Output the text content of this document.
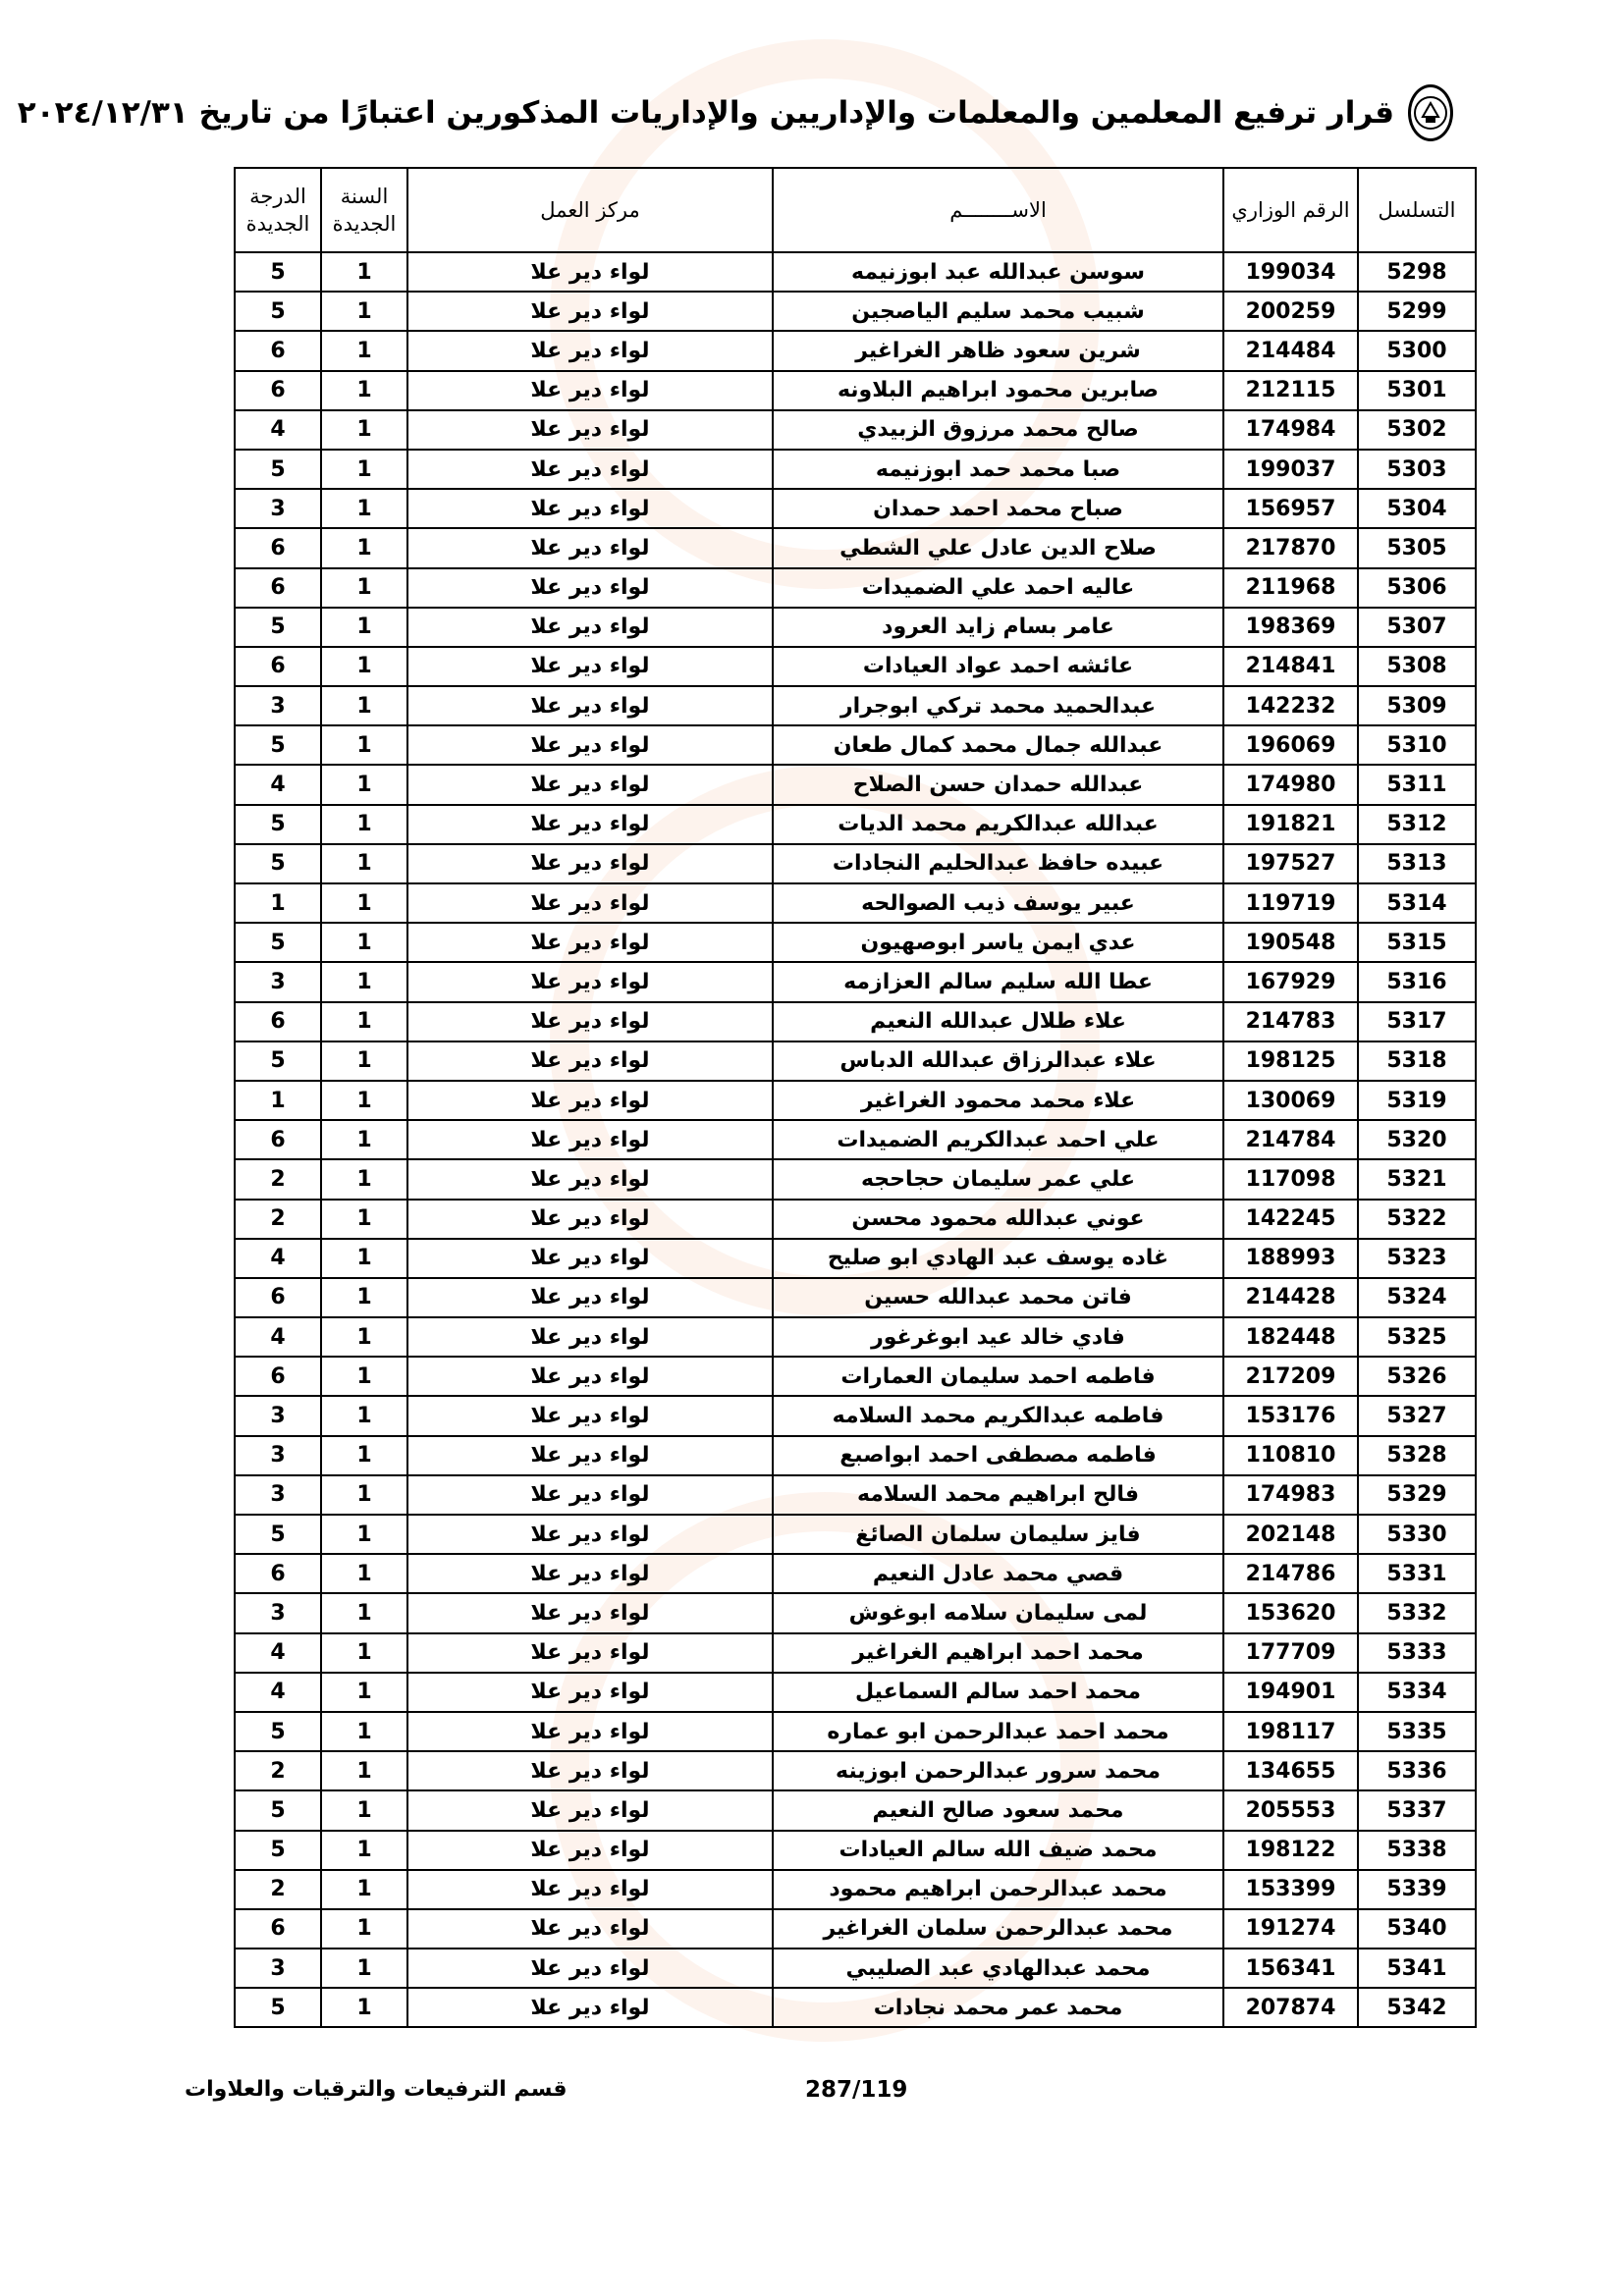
قرار ترفيع المعلمين والمعلمات والإداريين والإداريات المذكورين اعتبارًا من تاريخ ٢٠٢٤/١٢/٣١
التسلسل	الرقم الوزاري	الاســــــــم	مركز العمل	السنة الجديدة	الدرجة الجديدة
5298	199034	سوسن عبدالله عبد ابوزنيمه	لواء دير علا	1	5
5299	200259	شبيب محمد سليم الياصجين	لواء دير علا	1	5
5300	214484	شرين سعود ظاهر الغراغير	لواء دير علا	1	6
5301	212115	صابرين محمود ابراهيم البلاونه	لواء دير علا	1	6
5302	174984	صالح محمد مرزوق الزبيدي	لواء دير علا	1	4
5303	199037	صبا محمد حمد ابوزنيمه	لواء دير علا	1	5
5304	156957	صباح محمد احمد حمدان	لواء دير علا	1	3
5305	217870	صلاح الدين عادل علي الشطي	لواء دير علا	1	6
5306	211968	عاليه احمد علي الضميدات	لواء دير علا	1	6
5307	198369	عامر بسام زايد العرود	لواء دير علا	1	5
5308	214841	عائشه احمد عواد العيادات	لواء دير علا	1	6
5309	142232	عبدالحميد محمد تركي ابوجرار	لواء دير علا	1	3
5310	196069	عبدالله جمال محمد كمال طعان	لواء دير علا	1	5
5311	174980	عبدالله حمدان حسن الصلاح	لواء دير علا	1	4
5312	191821	عبدالله عبدالكريم محمد الديات	لواء دير علا	1	5
5313	197527	عبيده حافظ عبدالحليم النجادات	لواء دير علا	1	5
5314	119719	عبير يوسف ذيب الصوالحه	لواء دير علا	1	1
5315	190548	عدي ايمن ياسر ابوصهيون	لواء دير علا	1	5
5316	167929	عطا الله سليم سالم العزازمه	لواء دير علا	1	3
5317	214783	علاء طلال عبدالله النعيم	لواء دير علا	1	6
5318	198125	علاء عبدالرزاق عبدالله الدباس	لواء دير علا	1	5
5319	130069	علاء محمد محمود الغراغير	لواء دير علا	1	1
5320	214784	علي احمد عبدالكريم الضميدات	لواء دير علا	1	6
5321	117098	علي عمر سليمان حجاحجه	لواء دير علا	1	2
5322	142245	عوني عبدالله محمود محسن	لواء دير علا	1	2
5323	188993	غاده يوسف عبد الهادي ابو صليح	لواء دير علا	1	4
5324	214428	فاتن محمد عبدالله حسين	لواء دير علا	1	6
5325	182448	فادي خالد عيد ابوغرغور	لواء دير علا	1	4
5326	217209	فاطمه احمد سليمان العمارات	لواء دير علا	1	6
5327	153176	فاطمه عبدالكريم محمد السلامه	لواء دير علا	1	3
5328	110810	فاطمه مصطفى احمد ابواصبع	لواء دير علا	1	3
5329	174983	فالح ابراهيم محمد السلامه	لواء دير علا	1	3
5330	202148	فايز سليمان سلمان الصائغ	لواء دير علا	1	5
5331	214786	قصي محمد عادل النعيم	لواء دير علا	1	6
5332	153620	لمى سليمان سلامه ابوغوش	لواء دير علا	1	3
5333	177709	محمد احمد ابراهيم الغراغير	لواء دير علا	1	4
5334	194901	محمد احمد سالم السماعيل	لواء دير علا	1	4
5335	198117	محمد احمد عبدالرحمن ابو عماره	لواء دير علا	1	5
5336	134655	محمد سرور عبدالرحمن ابوزينه	لواء دير علا	1	2
5337	205553	محمد سعود صالح النعيم	لواء دير علا	1	5
5338	198122	محمد ضيف الله سالم العيادات	لواء دير علا	1	5
5339	153399	محمد عبدالرحمن ابراهيم محمود	لواء دير علا	1	2
5340	191274	محمد عبدالرحمن سلمان الغراغير	لواء دير علا	1	6
5341	156341	محمد عبدالهادي عبد الصليبي	لواء دير علا	1	3
5342	207874	محمد عمر محمد نجادات	لواء دير علا	1	5
287/119
قسم الترفيعات والترقيات والعلاوات
